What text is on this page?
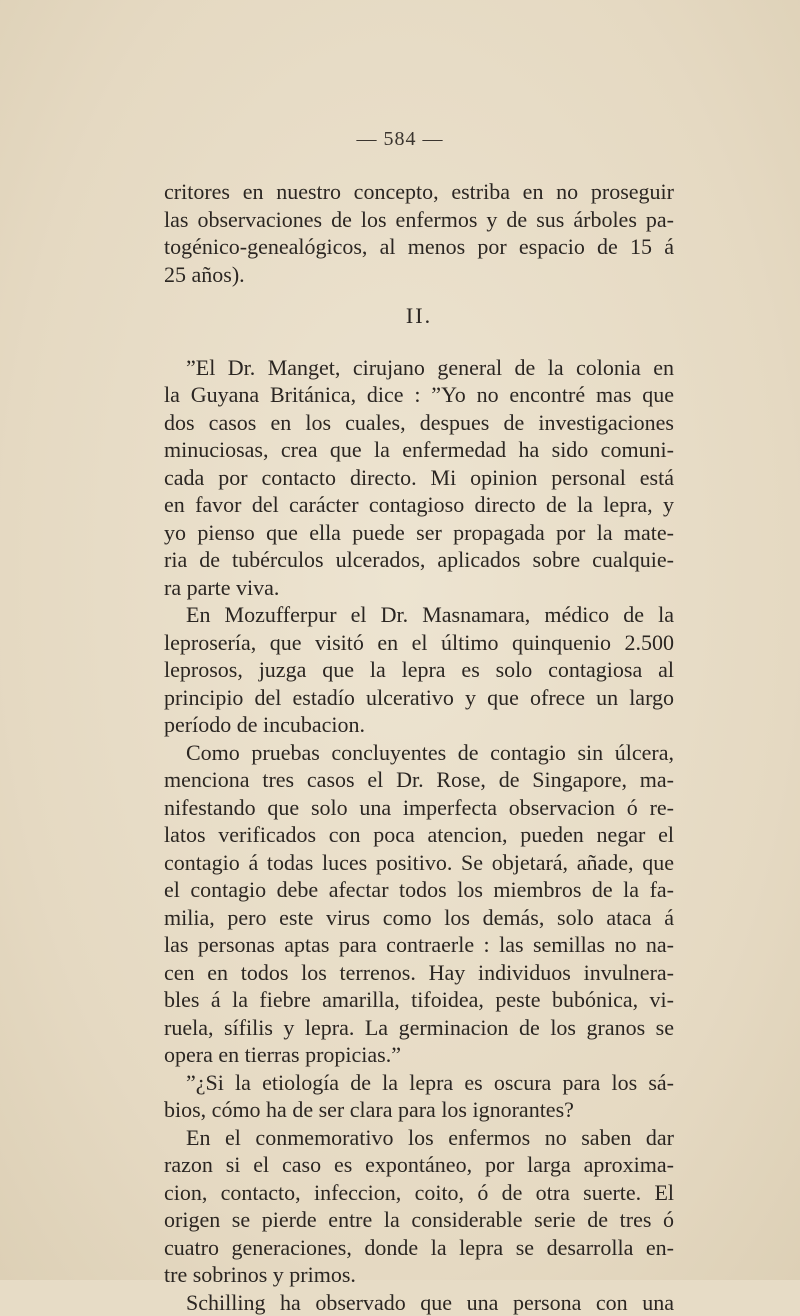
— 584 —
critores en nuestro concepto, estriba en no proseguir
las observaciones de los enfermos y de sus árboles pa-
togénico-genealógicos, al menos por espacio de 15 á
25 años).
II.
”El Dr. Manget, cirujano general de la colonia en
la Guyana Británica, dice : ”Yo no encontré mas que
dos casos en los cuales, despues de investigaciones
minuciosas, crea que la enfermedad ha sido comuni-
cada por contacto directo. Mi opinion personal está
en favor del carácter contagioso directo de la lepra, y
yo pienso que ella puede ser propagada por la mate-
ria de tubérculos ulcerados, aplicados sobre cualquie-
ra parte viva.
En Mozufferpur el Dr. Masnamara, médico de la
leprosería, que visitó en el último quinquenio 2.500
leprosos, juzga que la lepra es solo contagiosa al
principio del estadío ulcerativo y que ofrece un largo
período de incubacion.
Como pruebas concluyentes de contagio sin úlcera,
menciona tres casos el Dr. Rose, de Singapore, ma-
nifestando que solo una imperfecta observacion ó re-
latos verificados con poca atencion, pueden negar el
contagio á todas luces positivo. Se objetará, añade, que
el contagio debe afectar todos los miembros de la fa-
milia, pero este virus como los demás, solo ataca á
las personas aptas para contraerle : las semillas no na-
cen en todos los terrenos. Hay individuos invulnera-
bles á la fiebre amarilla, tifoidea, peste bubónica, vi-
ruela, sífilis y lepra. La germinacion de los granos se
opera en tierras propicias.”
”¿Si la etiología de la lepra es oscura para los sá-
bios, cómo ha de ser clara para los ignorantes?
En el conmemorativo los enfermos no saben dar
razon si el caso es expontáneo, por larga aproxima-
cion, contacto, infeccion, coito, ó de otra suerte. El
origen se pierde entre la considerable serie de tres ó
cuatro generaciones, donde la lepra se desarrolla en-
tre sobrinos y primos.
Schilling ha observado que una persona con una
